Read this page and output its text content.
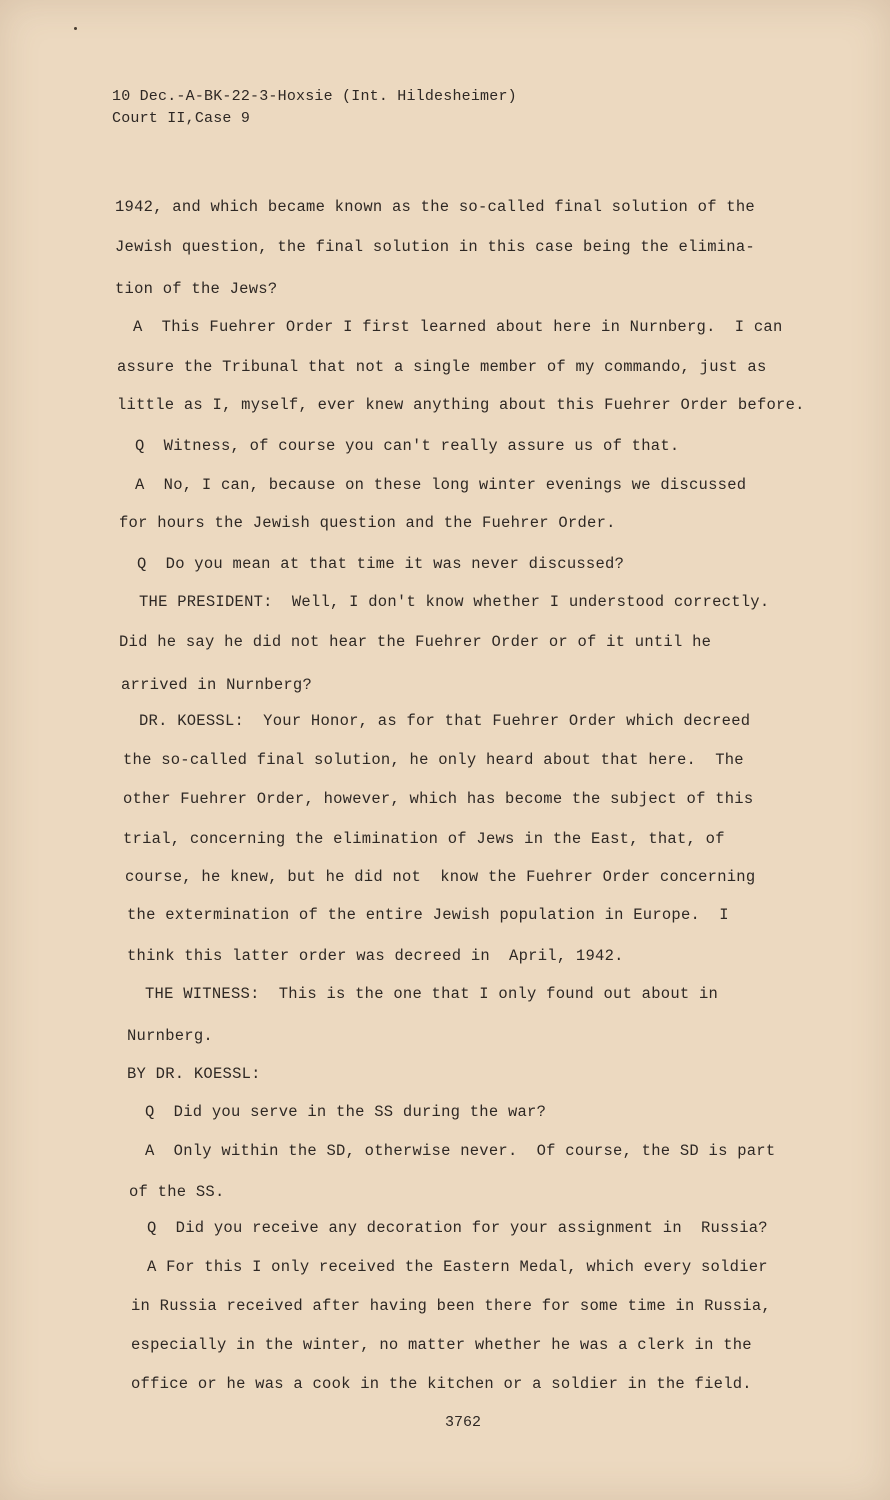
10 Dec.-A-BK-22-3-Hoxsie (Int. Hildesheimer)
Court II,Case 9
1942, and which became known as the so-called final solution of the
Jewish question, the final solution in this case being the elimina-
tion of the Jews?
A  This Fuehrer Order I first learned about here in Nurnberg.  I can
assure the Tribunal that not a single member of my commando, just as
little as I, myself, ever knew anything about this Fuehrer Order before.
Q  Witness, of course you can't really assure us of that.
A  No, I can, because on these long winter evenings we discussed
for hours the Jewish question and the Fuehrer Order.
Q  Do you mean at that time it was never discussed?
THE PRESIDENT:  Well, I don't know whether I understood correctly.
Did he say he did not hear the Fuehrer Order or of it until he
arrived in Nurnberg?
DR. KOESSL:  Your Honor, as for that Fuehrer Order which decreed
the so-called final solution, he only heard about that here.  The
other Fuehrer Order, however, which has become the subject of this
trial, concerning the elimination of Jews in the East, that, of
course, he knew, but he did not  know the Fuehrer Order concerning
the extermination of the entire Jewish population in Europe.  I
think this latter order was decreed in  April, 1942.
THE WITNESS:  This is the one that I only found out about in
Nurnberg.
BY DR. KOESSL:
Q  Did you serve in the SS during the war?
A  Only within the SD, otherwise never.  Of course, the SD is part
of the SS.
Q  Did you receive any decoration for your assignment in  Russia?
A For this I only received the Eastern Medal, which every soldier
in Russia received after having been there for some time in Russia,
especially in the winter, no matter whether he was a clerk in the
office or he was a cook in the kitchen or a soldier in the field.
3762
